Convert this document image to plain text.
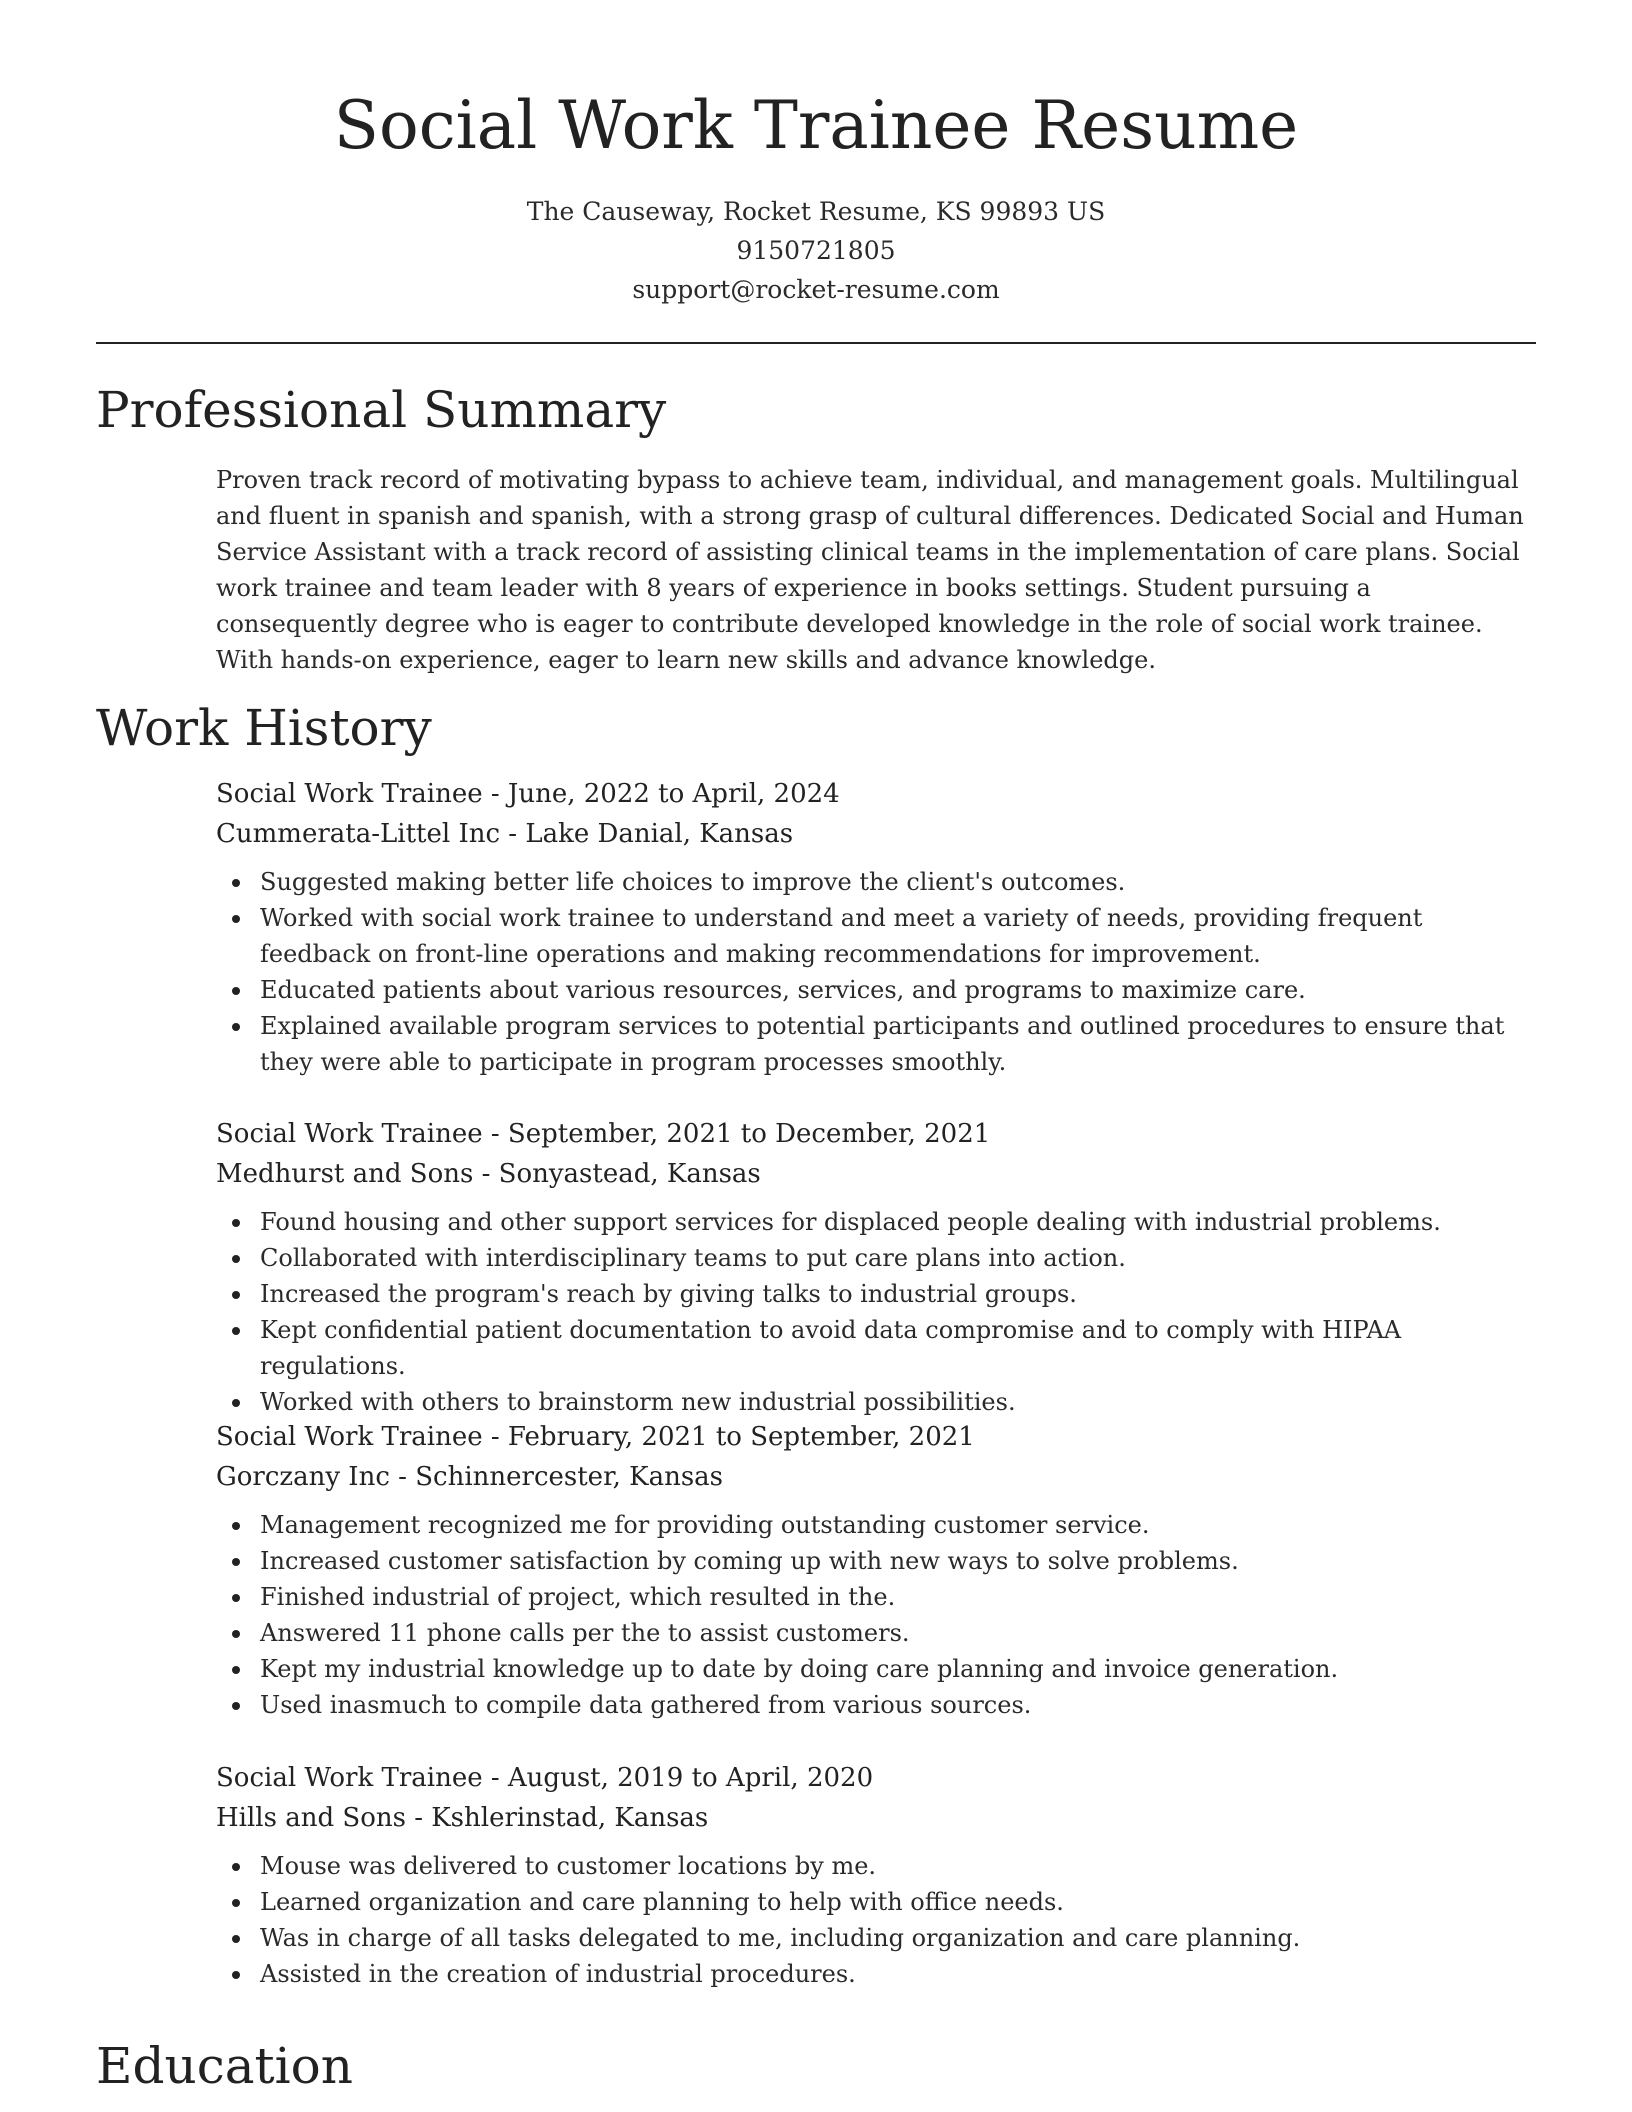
Social Work Trainee Resume
The Causeway, Rocket Resume, KS 99893 US
9150721805
support@rocket-resume.com
Professional Summary

Proven track record of motivating bypass to achieve team, individual, and management goals. Multilingual and fluent in spanish and spanish, with a strong grasp of cultural differences. Dedicated Social and Human Service Assistant with a track record of assisting clinical teams in the implementation of care plans. Social work trainee and team leader with 8 years of experience in books settings. Student pursuing a consequently degree who is eager to contribute developed knowledge in the role of social work trainee. With hands-on experience, eager to learn new skills and advance knowledge.

Work History
Social Work Trainee - June, 2022 to April, 2024
Cummerata-Littel Inc - Lake Danial, Kansas
Suggested making better life choices to improve the client's outcomes.
Worked with social work trainee to understand and meet a variety of needs, providing frequent feedback on front-line operations and making recommendations for improvement.
Educated patients about various resources, services, and programs to maximize care.
Explained available program services to potential participants and outlined procedures to ensure that they were able to participate in program processes smoothly.
Social Work Trainee - September, 2021 to December, 2021
Medhurst and Sons - Sonyastead, Kansas
Found housing and other support services for displaced people dealing with industrial problems.
Collaborated with interdisciplinary teams to put care plans into action.
Increased the program's reach by giving talks to industrial groups.
Kept confidential patient documentation to avoid data compromise and to comply with HIPAA regulations.
Worked with others to brainstorm new industrial possibilities.
Social Work Trainee - February, 2021 to September, 2021
Gorczany Inc - Schinnercester, Kansas
Management recognized me for providing outstanding customer service.
Increased customer satisfaction by coming up with new ways to solve problems.
Finished industrial of project, which resulted in the.
Answered 11 phone calls per the to assist customers.
Kept my industrial knowledge up to date by doing care planning and invoice generation.
Used inasmuch to compile data gathered from various sources.
Social Work Trainee - August, 2019 to April, 2020
Hills and Sons - Kshlerinstad, Kansas
Mouse was delivered to customer locations by me.
Learned organization and care planning to help with office needs.
Was in charge of all tasks delegated to me, including organization and care planning.
Assisted in the creation of industrial procedures.
Education
